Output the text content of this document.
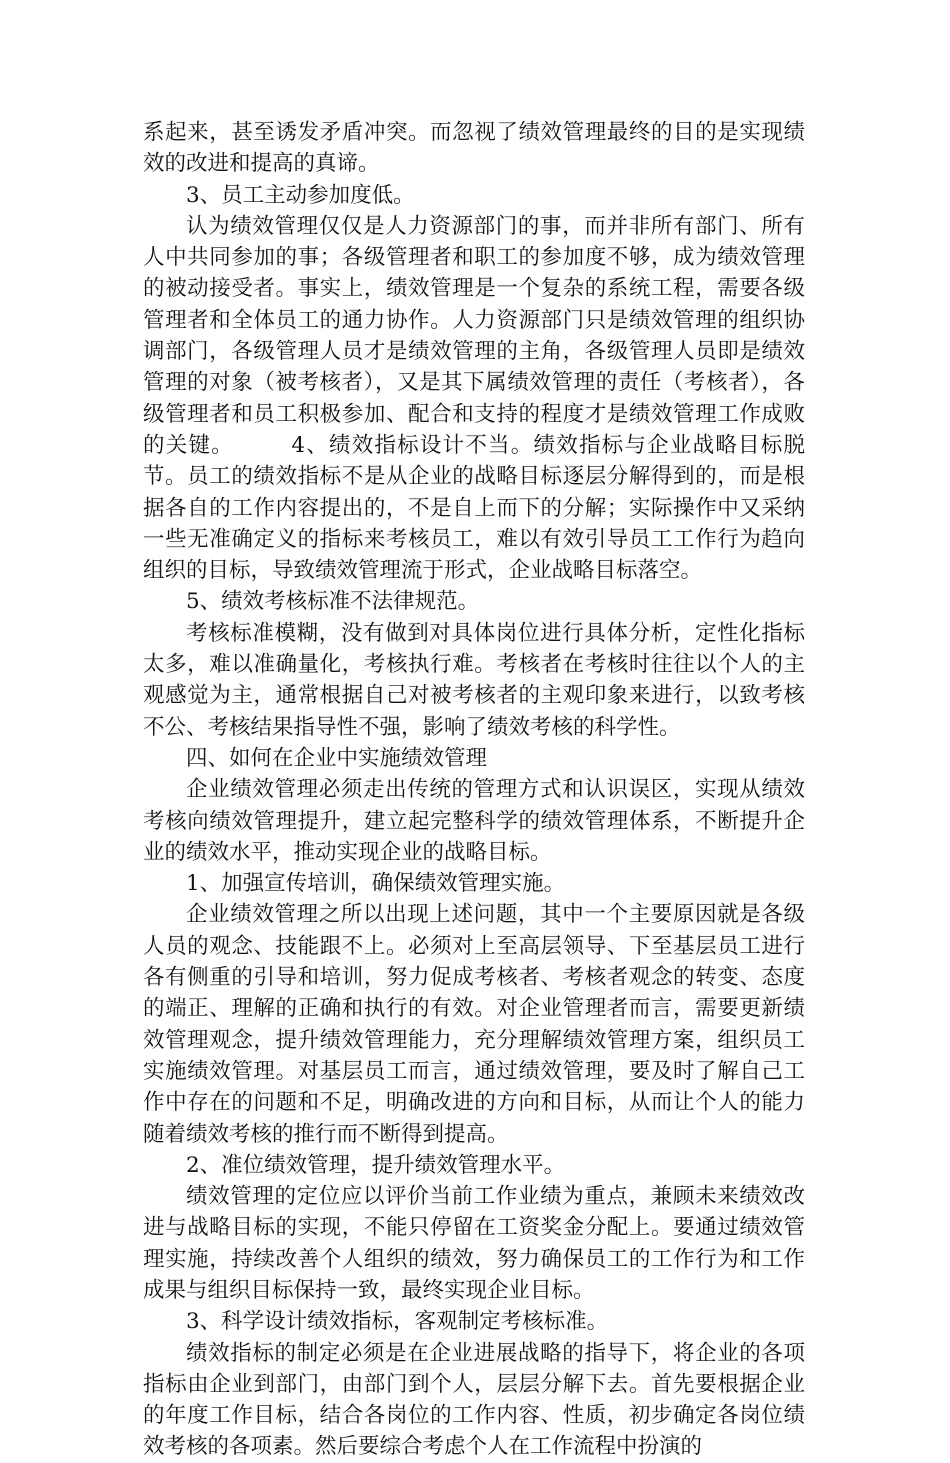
系起来，甚至诱发矛盾冲突。而忽视了绩效管理最终的目的是实现绩效的改进和提高的真谛。

3、员工主动参加度低。

认为绩效管理仅仅是人力资源部门的事，而并非所有部门、所有人中共同参加的事；各级管理者和职工的参加度不够，成为绩效管理的被动接受者。事实上，绩效管理是一个复杂的系统工程，需要各级管理者和全体员工的通力协作。人力资源部门只是绩效管理的组织协调部门，各级管理人员才是绩效管理的主角，各级管理人员即是绩效管理的对象（被考核者），又是其下属绩效管理的责任（考核者），各级管理者和员工积极参加、配合和支持的程度才是绩效管理工作成败的关键。　　　4、绩效指标设计不当。绩效指标与企业战略目标脱节。员工的绩效指标不是从企业的战略目标逐层分解得到的，而是根据各自的工作内容提出的，不是自上而下的分解；实际操作中又采纳一些无准确定义的指标来考核员工，难以有效引导员工工作行为趋向组织的目标，导致绩效管理流于形式，企业战略目标落空。

5、绩效考核标准不法律规范。

考核标准模糊，没有做到对具体岗位进行具体分析，定性化指标太多，难以准确量化，考核执行难。考核者在考核时往往以个人的主观感觉为主，通常根据自己对被考核者的主观印象来进行，以致考核不公、考核结果指导性不强，影响了绩效考核的科学性。

四、如何在企业中实施绩效管理

企业绩效管理必须走出传统的管理方式和认识误区，实现从绩效考核向绩效管理提升，建立起完整科学的绩效管理体系，不断提升企业的绩效水平，推动实现企业的战略目标。

1、加强宣传培训，确保绩效管理实施。

企业绩效管理之所以出现上述问题，其中一个主要原因就是各级人员的观念、技能跟不上。必须对上至高层领导、下至基层员工进行各有侧重的引导和培训，努力促成考核者、考核者观念的转变、态度的端正、理解的正确和执行的有效。对企业管理者而言，需要更新绩效管理观念，提升绩效管理能力，充分理解绩效管理方案，组织员工实施绩效管理。对基层员工而言，通过绩效管理，要及时了解自己工作中存在的问题和不足，明确改进的方向和目标，从而让个人的能力随着绩效考核的推行而不断得到提高。

2、准位绩效管理，提升绩效管理水平。

绩效管理的定位应以评价当前工作业绩为重点，兼顾未来绩效改进与战略目标的实现，不能只停留在工资奖金分配上。要通过绩效管理实施，持续改善个人组织的绩效，努力确保员工的工作行为和工作成果与组织目标保持一致，最终实现企业目标。

3、科学设计绩效指标，客观制定考核标准。

绩效指标的制定必须是在企业进展战略的指导下，将企业的各项指标由企业到部门，由部门到个人，层层分解下去。首先要根据企业的年度工作目标，结合各岗位的工作内容、性质，初步确定各岗位绩效考核的各项素。然后要综合考虑个人在工作流程中扮演的
